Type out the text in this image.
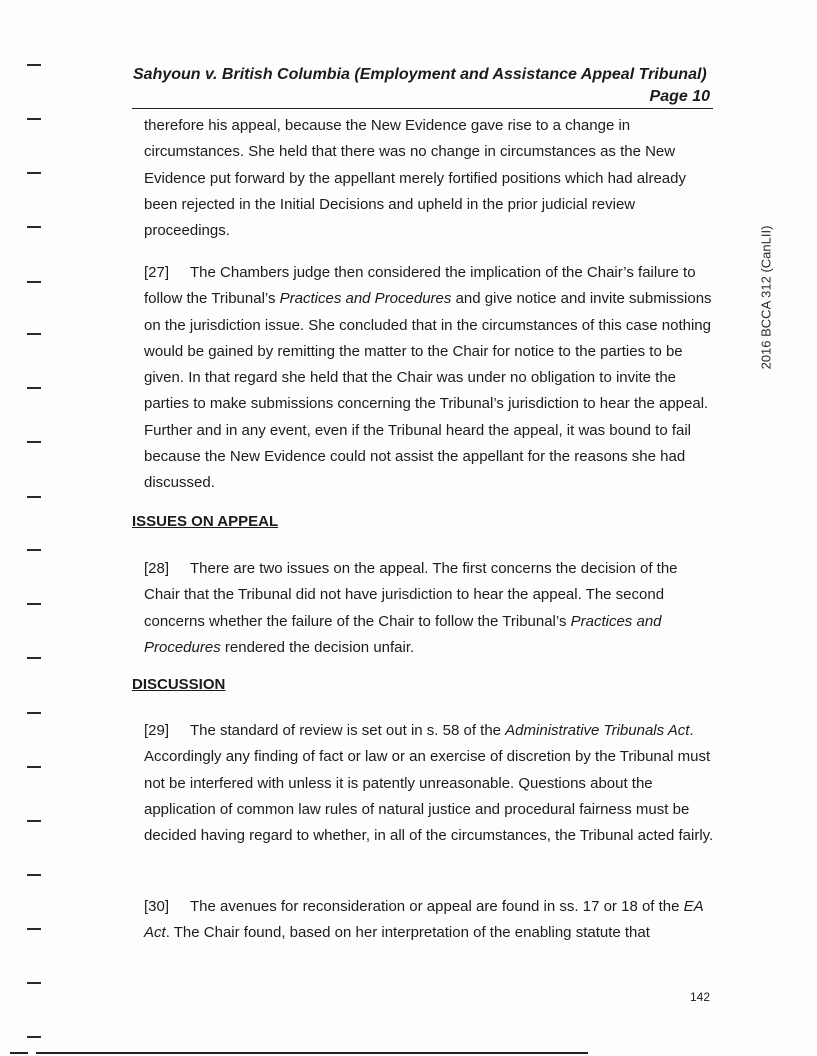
Sahyoun v. British Columbia (Employment and Assistance Appeal Tribunal)
Page 10
2016 BCCA 312 (CanLII)

therefore his appeal, because the New Evidence gave rise to a change in circumstances. She held that there was no change in circumstances as the New Evidence put forward by the appellant merely fortified positions which had already been rejected in the Initial Decisions and upheld in the prior judicial review proceedings.

[27] The Chambers judge then considered the implication of the Chair’s failure to follow the Tribunal’s Practices and Procedures and give notice and invite submissions on the jurisdiction issue. She concluded that in the circumstances of this case nothing would be gained by remitting the matter to the Chair for notice to the parties to be given. In that regard she held that the Chair was under no obligation to invite the parties to make submissions concerning the Tribunal’s jurisdiction to hear the appeal. Further and in any event, even if the Tribunal heard the appeal, it was bound to fail because the New Evidence could not assist the appellant for the reasons she had discussed.

ISSUES ON APPEAL

[28] There are two issues on the appeal. The first concerns the decision of the Chair that the Tribunal did not have jurisdiction to hear the appeal. The second concerns whether the failure of the Chair to follow the Tribunal’s Practices and Procedures rendered the decision unfair.

DISCUSSION

[29] The standard of review is set out in s. 58 of the Administrative Tribunals Act. Accordingly any finding of fact or law or an exercise of discretion by the Tribunal must not be interfered with unless it is patently unreasonable. Questions about the application of common law rules of natural justice and procedural fairness must be decided having regard to whether, in all of the circumstances, the Tribunal acted fairly.

[30] The avenues for reconsideration or appeal are found in ss. 17 or 18 of the EA Act. The Chair found, based on her interpretation of the enabling statute that

142
